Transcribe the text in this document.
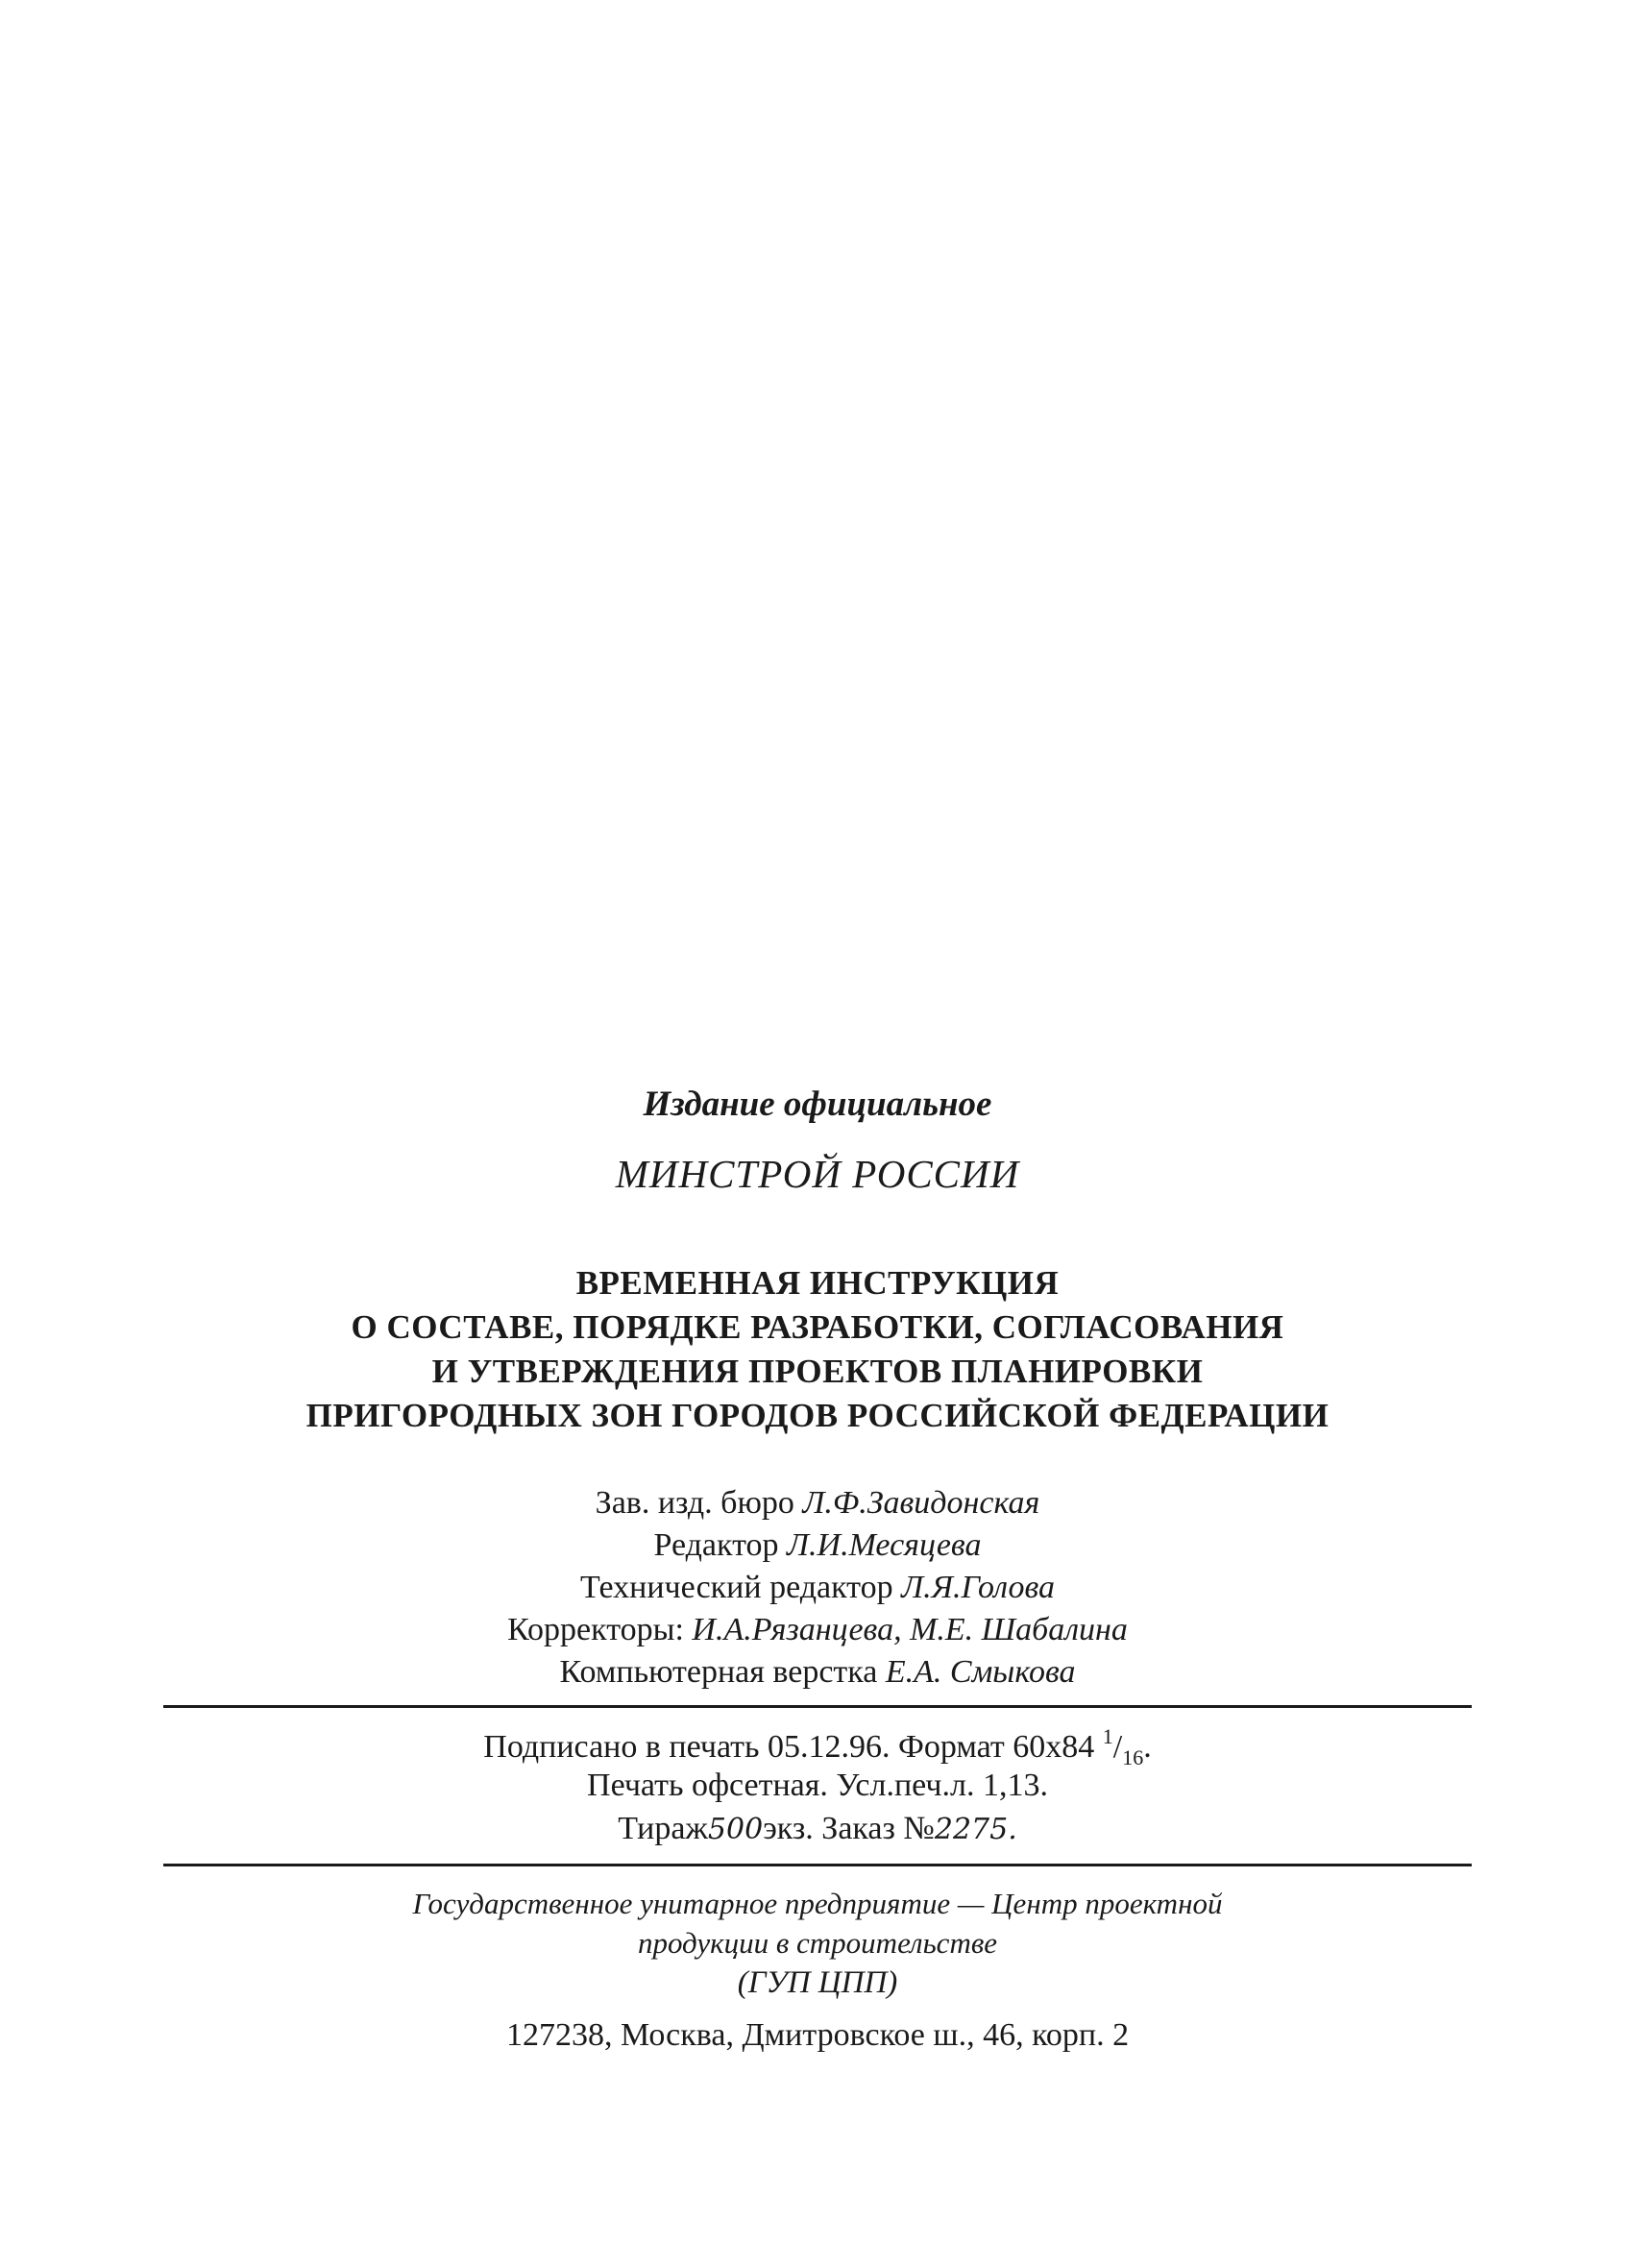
Издание официальное
МИНСТРОЙ РОССИИ
ВРЕМЕННАЯ ИНСТРУКЦИЯ
О СОСТАВЕ, ПОРЯДКЕ РАЗРАБОТКИ, СОГЛАСОВАНИЯ
И УТВЕРЖДЕНИЯ ПРОЕКТОВ ПЛАНИРОВКИ
ПРИГОРОДНЫХ ЗОН ГОРОДОВ РОССИЙСКОЙ ФЕДЕРАЦИИ
Зав. изд. бюро Л.Ф.Завидонская
Редактор Л.И.Месяцева
Технический редактор Л.Я.Голова
Корректоры: И.А.Рязанцева, М.Е. Шабалина
Компьютерная верстка Е.А. Смыкова
Подписано в печать 05.12.96. Формат 60x84 $^1/_{16}$.
Печать офсетная. Усл.печ.л. 1,13.
Тираж500экз. Заказ №2275.
Государственное унитарное предприятие — Центр проектной
продукции в строительстве
(ГУП ЦПП)
127238, Москва, Дмитровское ш., 46, корп. 2
